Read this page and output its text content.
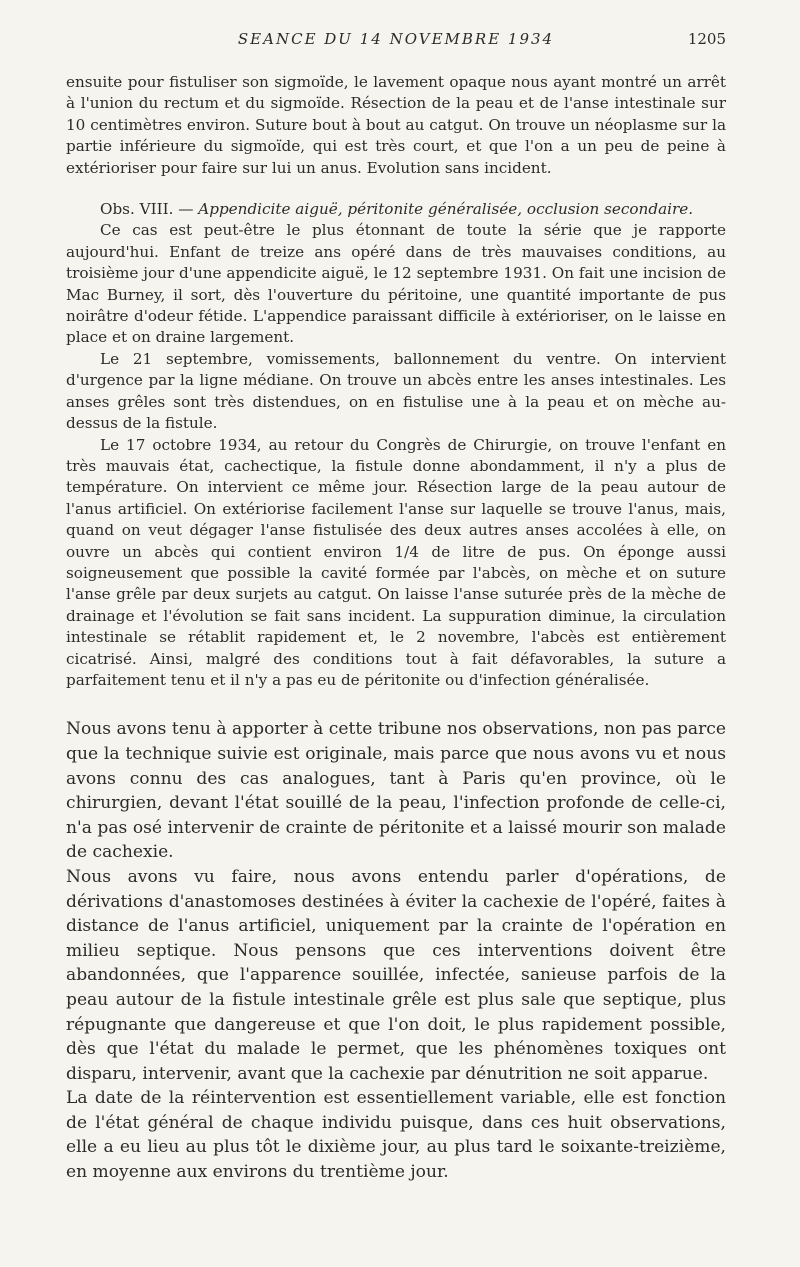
SEANCE DU 14 NOVEMBRE 1934	1205

ensuite pour fistuliser son sigmoïde, le lavement opaque nous ayant montré un arrêt à l'union du rectum et du sigmoïde. Résection de la peau et de l'anse intestinale sur 10 centimètres environ. Suture bout à bout au catgut. On trouve un néoplasme sur la partie inférieure du sigmoïde, qui est très court, et que l'on a un peu de peine à extérioriser pour faire sur lui un anus. Evolution sans incident.

Obs. VIII. — Appendicite aiguë, péritonite généralisée, occlusion secondaire.

Ce cas est peut-être le plus étonnant de toute la série que je rapporte aujourd'hui. Enfant de treize ans opéré dans de très mauvaises conditions, au troisième jour d'une appendicite aiguë, le 12 septembre 1931. On fait une incision de Mac Burney, il sort, dès l'ouverture du péritoine, une quantité importante de pus noirâtre d'odeur fétide. L'appendice paraissant difficile à extérioriser, on le laisse en place et on draine largement.

Le 21 septembre, vomissements, ballonnement du ventre. On intervient d'urgence par la ligne médiane. On trouve un abcès entre les anses intestinales. Les anses grêles sont très distendues, on en fistulise une à la peau et on mèche au-dessus de la fistule.

Le 17 octobre 1934, au retour du Congrès de Chirurgie, on trouve l'enfant en très mauvais état, cachectique, la fistule donne abondamment, il n'y a plus de température. On intervient ce même jour. Résection large de la peau autour de l'anus artificiel. On extériorise facilement l'anse sur laquelle se trouve l'anus, mais, quand on veut dégager l'anse fistulisée des deux autres anses accolées à elle, on ouvre un abcès qui contient environ 1/4 de litre de pus. On éponge aussi soigneusement que possible la cavité formée par l'abcès, on mèche et on suture l'anse grêle par deux surjets au catgut. On laisse l'anse suturée près de la mèche de drainage et l'évolution se fait sans incident. La suppuration diminue, la circulation intestinale se rétablit rapidement et, le 2 novembre, l'abcès est entièrement cicatrisé. Ainsi, malgré des conditions tout à fait défavorables, la suture a parfaitement tenu et il n'y a pas eu de péritonite ou d'infection généralisée.

Nous avons tenu à apporter à cette tribune nos observations, non pas parce que la technique suivie est originale, mais parce que nous avons vu et nous avons connu des cas analogues, tant à Paris qu'en province, où le chirurgien, devant l'état souillé de la peau, l'infection profonde de celle-ci, n'a pas osé intervenir de crainte de péritonite et a laissé mourir son malade de cachexie.

Nous avons vu faire, nous avons entendu parler d'opérations, de dérivations d'anastomoses destinées à éviter la cachexie de l'opéré, faites à distance de l'anus artificiel, uniquement par la crainte de l'opération en milieu septique. Nous pensons que ces interventions doivent être abandonnées, que l'apparence souillée, infectée, sanieuse parfois de la peau autour de la fistule intestinale grêle est plus sale que septique, plus répugnante que dangereuse et que l'on doit, le plus rapidement possible, dès que l'état du malade le permet, que les phénomènes toxiques ont disparu, intervenir, avant que la cachexie par dénutrition ne soit apparue.

La date de la réintervention est essentiellement variable, elle est fonction de l'état général de chaque individu puisque, dans ces huit observations, elle a eu lieu au plus tôt le dixième jour, au plus tard le soixante-treizième, en moyenne aux environs du trentième jour.
